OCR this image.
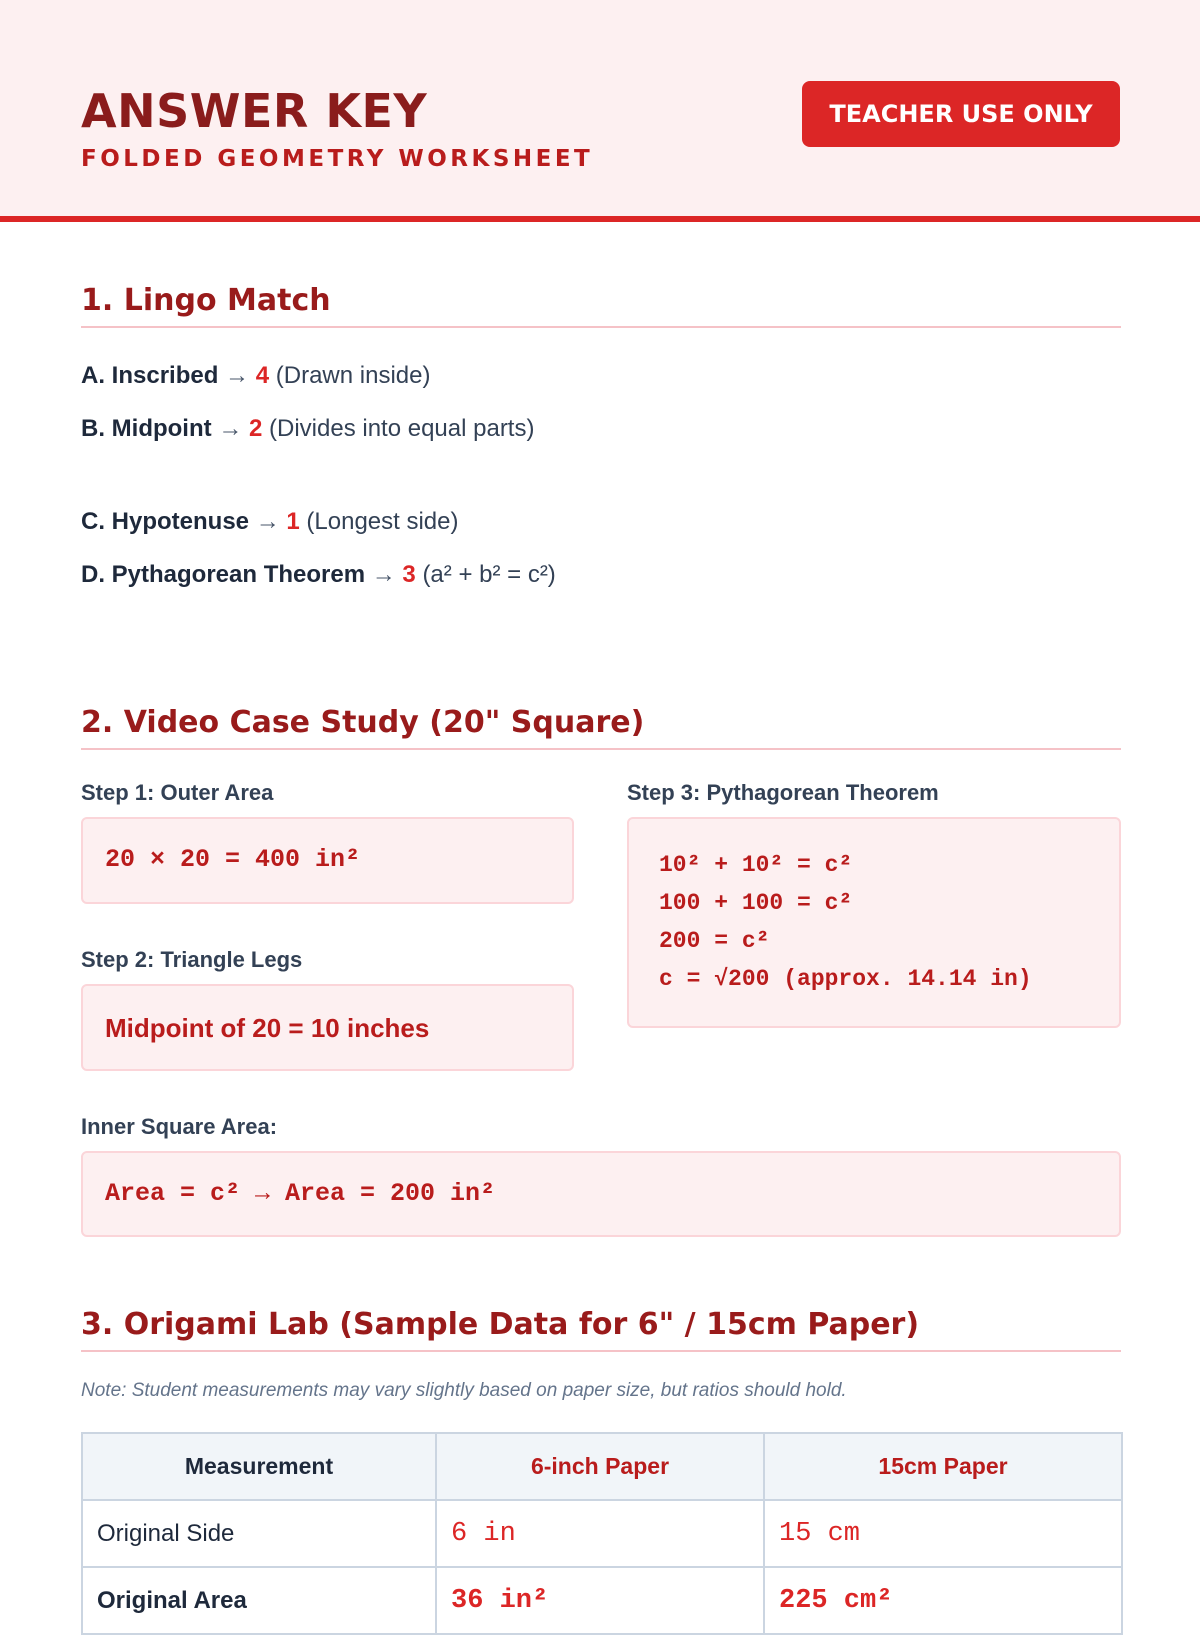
ANSWER KEY
FOLDED GEOMETRY WORKSHEET
TEACHER USE ONLY
1. Lingo Match
A. Inscribed → 4 (Drawn inside)
B. Midpoint → 2 (Divides into equal parts)
C. Hypotenuse → 1 (Longest side)
D. Pythagorean Theorem → 3 (a² + b² = c²)
2. Video Case Study (20" Square)
Step 1: Outer Area
20 × 20 = 400 in²
Step 2: Triangle Legs
Midpoint of 20 = 10 inches
Step 3: Pythagorean Theorem
10² + 10² = c²
100 + 100 = c²
200 = c²
c = √200 (approx. 14.14 in)
Inner Square Area:
Area = c² → Area = 200 in²
3. Origami Lab (Sample Data for 6" / 15cm Paper)
Note: Student measurements may vary slightly based on paper size, but ratios should hold.
Measurement	6-inch Paper	15cm Paper
Original Side	6 in	15 cm
Original Area	36 in²	225 cm²
